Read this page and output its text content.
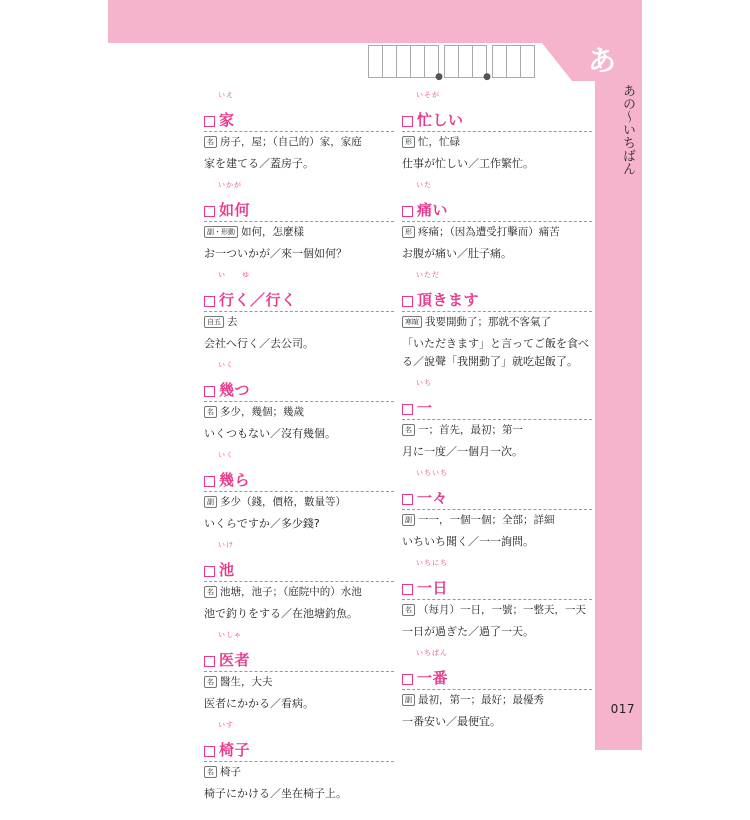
あ
あの〜いちばん
017
●	●
いえ
家
名 房子，屋；（自己的）家，家庭
家を建てる／蓋房子。
いかが
如何
副・形動 如何，怎麼樣
お一ついかが／來一個如何？
い　　ゆ
行く／行く
自五 去
会社へ行く／去公司。
いく
幾つ
名 多少，幾個；幾歲
いくつもない／沒有幾個。
いく
幾ら
副 多少（錢，價格，數量等）
いくらですか／多少錢?
いけ
池
名 池塘，池子；（庭院中的）水池
池で釣りをする／在池塘釣魚。
いしゃ
医者
名 醫生，大夫
医者にかかる／看病。
いす
椅子
名 椅子
椅子にかける／坐在椅子上。
いそが
忙しい
形 忙，忙碌
仕事が忙しい／工作繁忙。
いた
痛い
形 疼痛；（因為遭受打擊而）痛苦
お腹が痛い／肚子痛。
いただ
頂きます
寒暄 我要開動了；那就不客氣了
「いただきます」と言ってご飯を食べる／說聲「我開動了」就吃起飯了。
いち
一
名 一；首先，最初；第一
月に一度／一個月一次。
いちいち
一々
副 一一，一個一個；全部；詳細
いちいち聞く／一一詢問。
いちにち
一日
名 （每月）一日，一號；一整天，一天
一日が過ぎた／過了一天。
いちばん
一番
副 最初，第一；最好；最優秀
一番安い／最便宜。
